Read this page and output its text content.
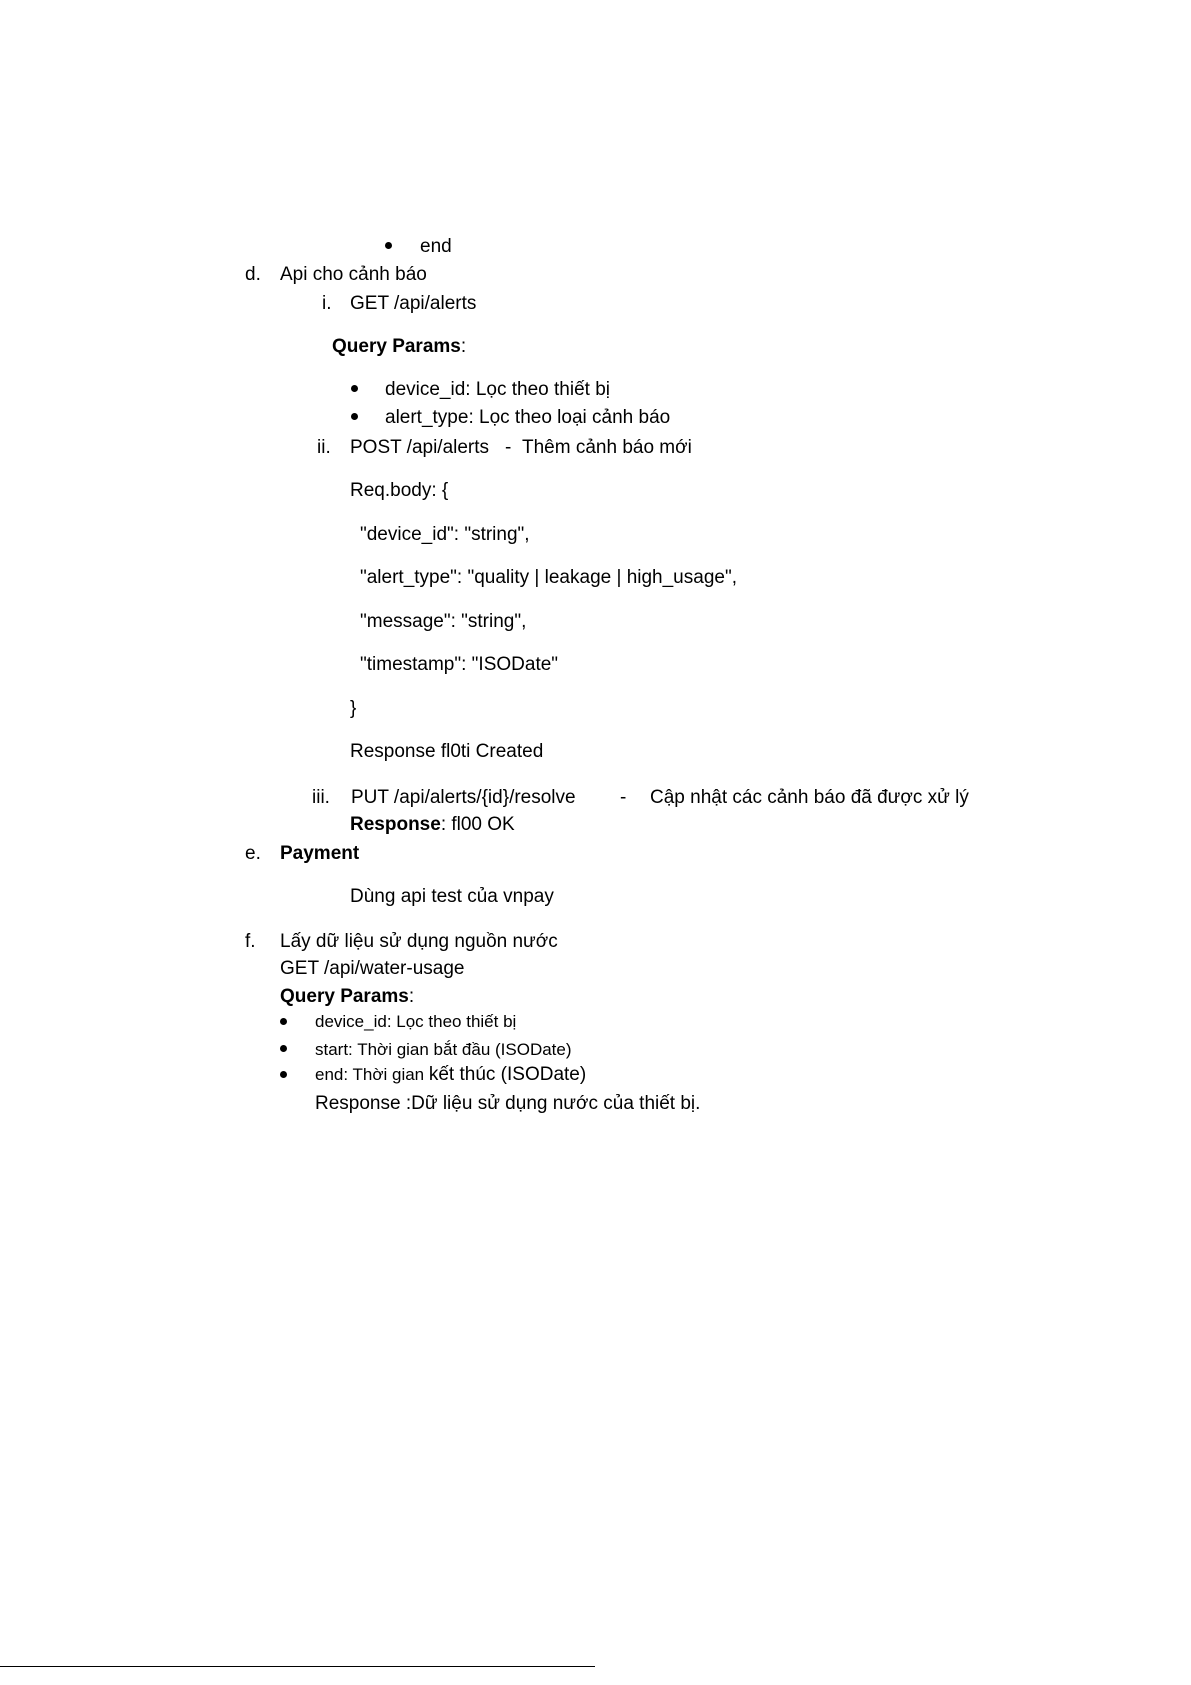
end
d. Api cho cảnh báo
i. GET /api/alerts
Query Params:
device_id: Lọc theo thiết bị
alert_type: Lọc theo loại cảnh báo
ii. POST /api/alerts - Thêm cảnh báo mới
Req.body: {
"device_id": "string",
"alert_type": "quality | leakage | high_usage",
"message": "string",
"timestamp": "ISODate"
}
Response fl0ti Created
iii. PUT /api/alerts/{id}/resolve - Cập nhật các cảnh báo đã được xử lý
Response: fl00 OK
e. Payment
Dùng api test của vnpay
f. Lấy dữ liệu sử dụng nguồn nước
GET /api/water-usage
Query Params:
device_id: Lọc theo thiết bị
start: Thời gian bắt đầu (ISODate)
end: Thời gian kết thúc (ISODate)
Response :Dữ liệu sử dụng nước của thiết bị.
